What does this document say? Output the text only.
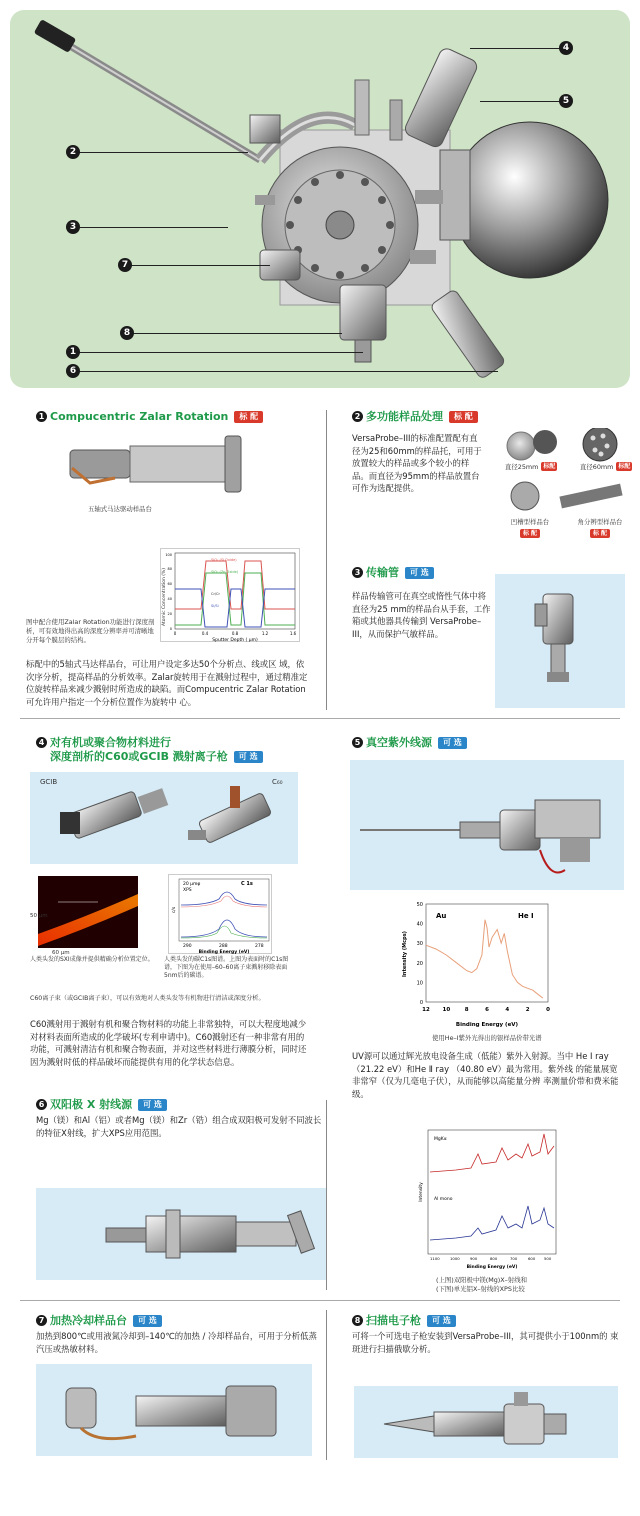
4
5
2
3
7
8
1
6
1 Compucentric Zalar Rotation 标 配
五轴式马达驱动样品台
Atomic Concentration (%)
SiO₂ (Si Oxide)
SiO₂ (Zn Oxide)
Cr/Cr
Si/Si
0	0.4	0.8	1.2	1.6
0
20
40
60
80
100
Sputter Depth ( μm)
图中配合使用Zalar Rotation功能进行深度剖析，可有效地得出高的深度分辨率并可清晰地分开每个膜层的结构。
标配中的5轴式马达样品台，可让用户设定多达50个分析点、线或区 域，依次序分析，提高样品的分析效率。Zalar旋转用于在溅射过程中，通过精准定位旋转样品来减少溅射时所造成的缺陷。而Compucentric Zalar Rotation可允许用户指定一个分析位置作为旋转中 心。
2 多功能样品处理 标 配
VersaProbe–III的标准配置配有直径为25和60mm的样品托，可用于放置较大的样品或多个较小的样品。而直径为95mm的样品放置台可作为选配提供。
直径25mm 标配	直径60mm 标配
凹槽型样品台
标 配
角分辨型样品台
标 配
3 传输管 可 选
样品传输管可在真空或惰性气体中将直径为25 mm的样品台从手套，工作箱或其他器具传输到 VersaProbe–III，从而保护气敏样品。
4 对有机或聚合物材料进行
深度剖析的C60或GCIB 溅射离子枪 可 选
GCIB	C₆₀
50 μm
60 μm
c/s
20 μmφ
XPS
C 1s
290	288	278
Binding Energy (eV)
人类头发的SXI成像并提供精确分析位置定位。	人类头发的碳C1s图谱。上图为表面时的C1s图谱，下图为在使用–60–60离子束溅射移除表面5nm后的碳谱。
C60离子束（或GCIB离子束），可以有效地对人类头发等有机物进行清洁或深度分析。
C60溅射用于溅射有机和聚合物材料的功能上非常独特，可以大程度地减少对材料表面所造成的化学破坏(专利申请中)。C60溅射还有一种非常有用的功能，可溅射清洁有机和聚合物表面，并对这些材料进行薄膜分析，同时还因为溅射时低的样品破坏而能提供有用的化学状态信息。
5 真空紫外线源 可 选
Au	He I
Intensity (Mcps)
Binding Energy (eV)
0
10
20
30
40
50
12 10	8	6	4	2	0
使用He–I紫外光得出的银样品价带光谱
UV源可以通过辉光放电设备生成（低能）紫外入射源。当中 He Ⅰ ray（21.22 eV）和He Ⅱ ray （40.80 eV）最为常用。紫外线 的能量展宽非常窄（仅为几毫电子伏），从而能够以高能量分辨 率测量价带和费米能级。
Intensity
MgKα
Al mono
1100	1000	900	800	700	600 500
Binding Energy (eV)
(上图)双阳极中镁(Mg)X–射线和
(下图)单光铝X–射线的XPS比较
6 双阳极 X 射线源 可 选
Mg（镁）和Al（铝）或者Mg（镁）和Zr（锆）组合成双阳极可发射不同波长的特征X射线，扩大XPS应用范围。
7 加热冷却样品台 可 选
加热到800℃或用液氮冷却到–140℃的加热 / 冷却样品台，可用于分析低蒸汽压或热敏材料。
8 扫描电子枪 可 选
可将一个可选电子枪安装到VersaProbe–III，其可提供小于100nm的 束斑进行扫描俄歇分析。
